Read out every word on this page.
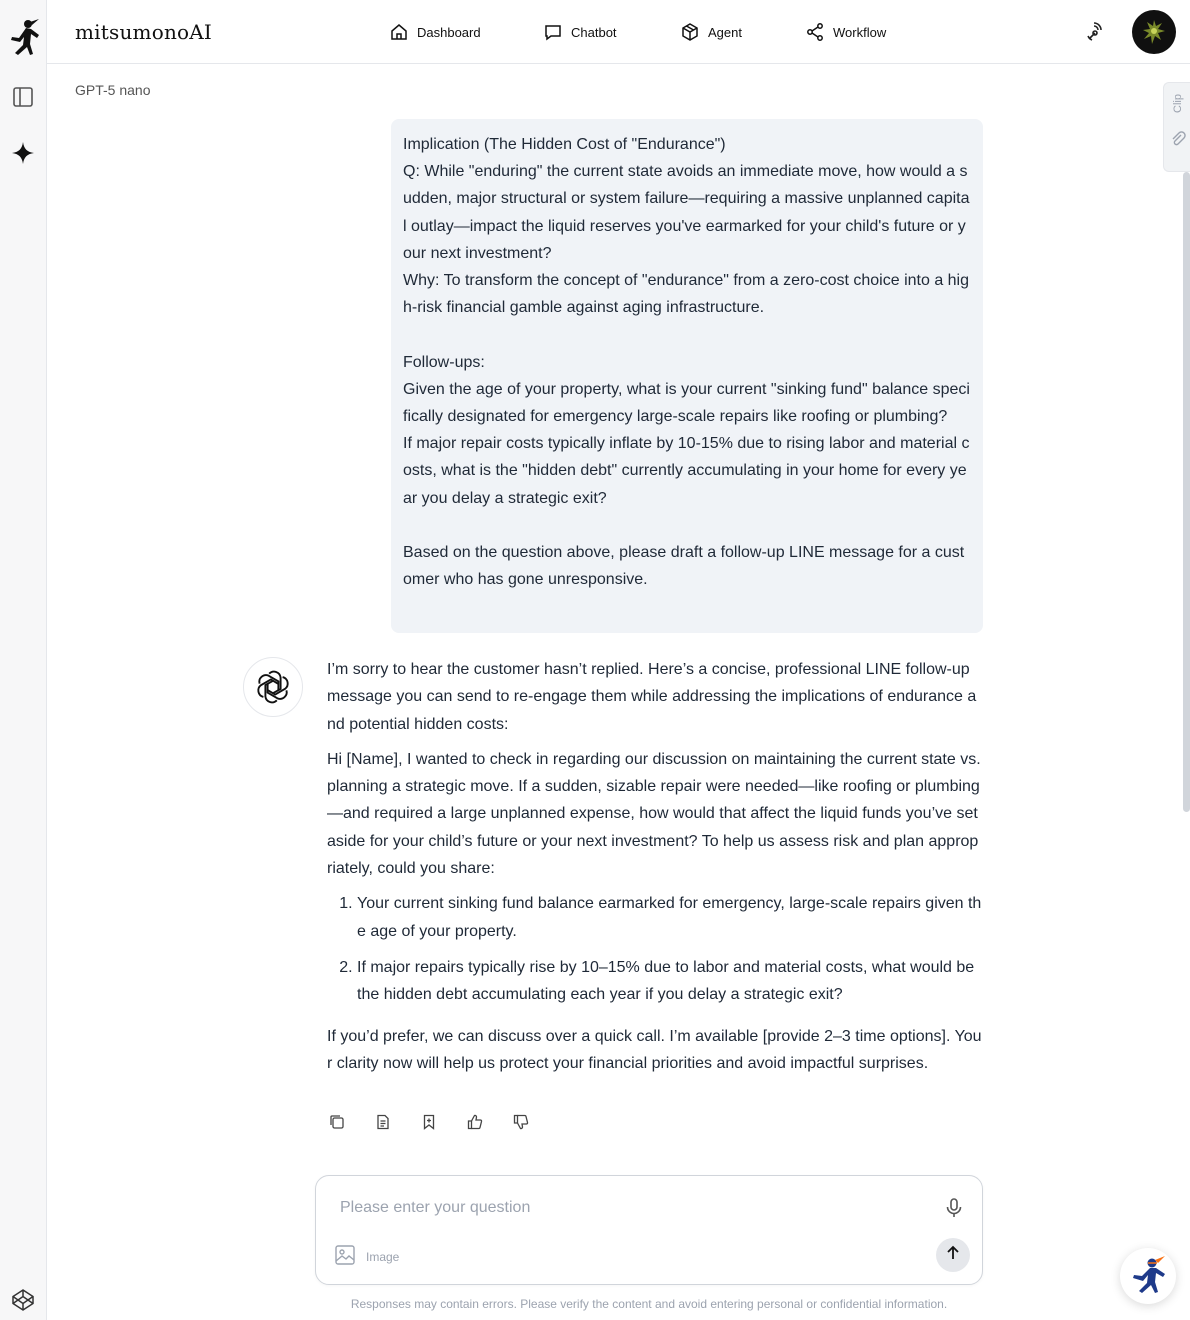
mitsumonoAI	Dashboard	Chatbot	Agent	Workflow
GPT-5 nano
Clip

Implication (The Hidden Cost of "Endurance")

Q: While "enduring" the current state avoids an immediate move, how would a sudden, major structural or system failure—requiring a massive unplanned capital outlay—impact the liquid reserves you've earmarked for your child's future or your next investment?

Why: To transform the concept of "endurance" from a zero-cost choice into a high-risk financial gamble against aging infrastructure.

Follow-ups:

Given the age of your property, what is your current "sinking fund" balance specifically designated for emergency large-scale repairs like roofing or plumbing?

If major repair costs typically inflate by 10-15% due to rising labor and material costs, what is the "hidden debt" currently accumulating in your home for every year you delay a strategic exit?

Based on the question above, please draft a follow-up LINE message for a customer who has gone unresponsive.

I’m sorry to hear the customer hasn’t replied. Here’s a concise, professional LINE follow-up message you can send to re-engage them while addressing the implications of endurance and potential hidden costs:

Hi [Name], I wanted to check in regarding our discussion on maintaining the current state vs. planning a strategic move. If a sudden, sizable repair were needed—like roofing or plumbing—and required a large unplanned expense, how would that affect the liquid funds you’ve set aside for your child’s future or your next investment? To help us assess risk and plan appropriately, could you share:

1. Your current sinking fund balance earmarked for emergency, large-scale repairs given the age of your property.
2. If major repairs typically rise by 10–15% due to labor and material costs, what would be the hidden debt accumulating each year if you delay a strategic exit?

If you’d prefer, we can discuss over a quick call. I’m available [provide 2–3 time options]. Your clarity now will help us protect your financial priorities and avoid impactful surprises.

Please enter your question
Image
Responses may contain errors. Please verify the content and avoid entering personal or confidential information.
